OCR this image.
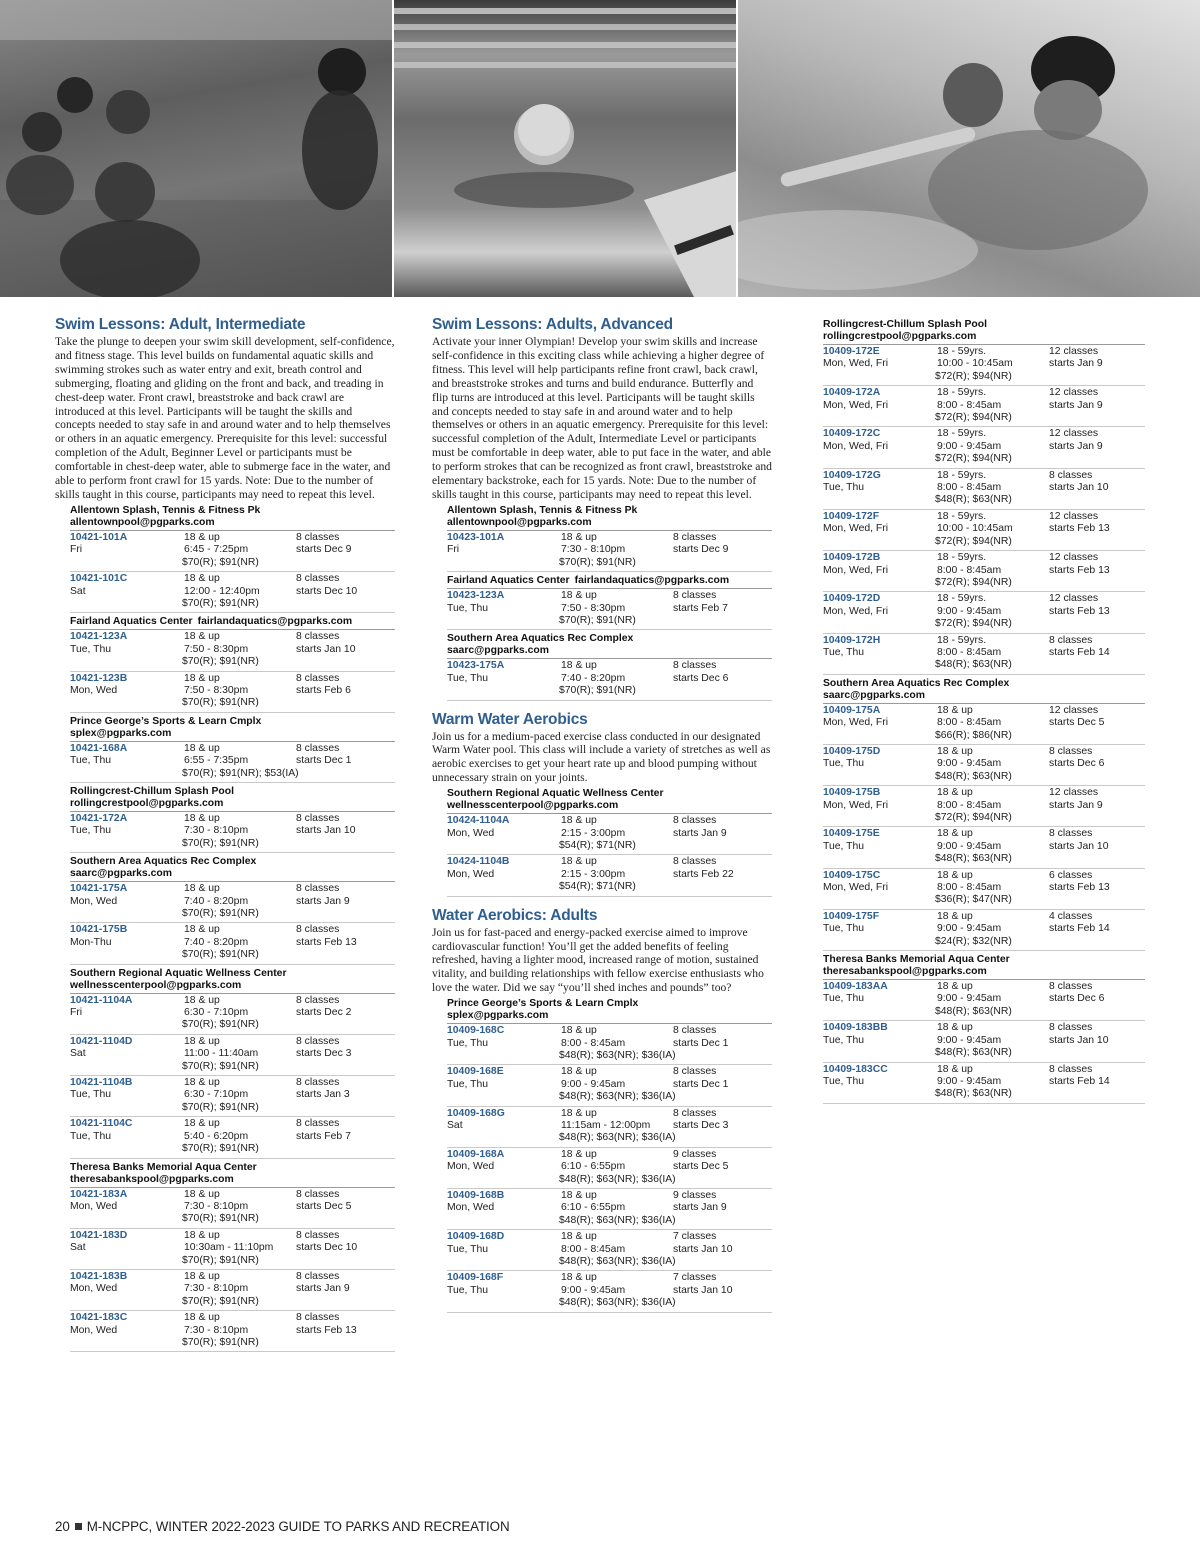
Swim Lessons: Adult, Intermediate
Take the plunge to deepen your swim skill development, self-confidence, and fitness stage. This level builds on fundamental aquatic skills and swimming strokes such as water entry and exit, breath control and submerging, floating and gliding on the front and back, and treading in chest-deep water. Front crawl, breaststroke and back crawl are introduced at this level. Participants will be taught the skills and concepts needed to stay safe in and around water and to help themselves or others in an aquatic emergency. Prerequisite for this level: successful completion of the Adult, Beginner Level or participants must be comfortable in chest-deep water, able to submerge face in the water, and able to perform front crawl for 15 yards. Note: Due to the number of skills taught in this course, participants may need to repeat this level.
Allentown Splash, Tennis & Fitness Pk
allentownpool@pgparks.com
10421-101A	18 & up	8 classes
Fri	6:45 - 7:25pm	starts Dec 9
$70(R); $91(NR)
10421-101C	18 & up	8 classes
Sat	12:00 - 12:40pm	starts Dec 10
$70(R); $91(NR)
Fairland Aquatics Center fairlandaquatics@pgparks.com
10421-123A	18 & up	8 classes
Tue, Thu	7:50 - 8:30pm	starts Jan 10
$70(R); $91(NR)
10421-123B	18 & up	8 classes
Mon, Wed	7:50 - 8:30pm	starts Feb 6
$70(R); $91(NR)
Prince George’s Sports & Learn Cmplx
splex@pgparks.com
10421-168A	18 & up	8 classes
Tue, Thu	6:55 - 7:35pm	starts Dec 1
$70(R); $91(NR); $53(IA)
Rollingcrest-Chillum Splash Pool
rollingcrestpool@pgparks.com
10421-172A	18 & up	8 classes
Tue, Thu	7:30 - 8:10pm	starts Jan 10
$70(R); $91(NR)
Southern Area Aquatics Rec Complex
saarc@pgparks.com
10421-175A	18 & up	8 classes
Mon, Wed	7:40 - 8:20pm	starts Jan 9
$70(R); $91(NR)
10421-175B	18 & up	8 classes
Mon-Thu	7:40 - 8:20pm	starts Feb 13
$70(R); $91(NR)
Southern Regional Aquatic Wellness Center
wellnesscenterpool@pgparks.com
10421-1104A	18 & up	8 classes
Fri	6:30 - 7:10pm	starts Dec 2
$70(R); $91(NR)
10421-1104D	18 & up	8 classes
Sat	11:00 - 11:40am	starts Dec 3
$70(R); $91(NR)
10421-1104B	18 & up	8 classes
Tue, Thu	6:30 - 7:10pm	starts Jan 3
$70(R); $91(NR)
10421-1104C	18 & up	8 classes
Tue, Thu	5:40 - 6:20pm	starts Feb 7
$70(R); $91(NR)
Theresa Banks Memorial Aqua Center
theresabankspool@pgparks.com
10421-183A	18 & up	8 classes
Mon, Wed	7:30 - 8:10pm	starts Dec 5
$70(R); $91(NR)
10421-183D	18 & up	8 classes
Sat	10:30am - 11:10pm	starts Dec 10
$70(R); $91(NR)
10421-183B	18 & up	8 classes
Mon, Wed	7:30 - 8:10pm	starts Jan 9
$70(R); $91(NR)
10421-183C	18 & up	8 classes
Mon, Wed	7:30 - 8:10pm	starts Feb 13
$70(R); $91(NR)
Swim Lessons: Adults, Advanced
Activate your inner Olympian! Develop your swim skills and increase self-confidence in this exciting class while achieving a higher degree of fitness. This level will help participants refine front crawl, back crawl, and breaststroke strokes and turns and build endurance. Butterfly and flip turns are introduced at this level. Participants will be taught skills and concepts needed to stay safe in and around water and to help themselves or others in an aquatic emergency. Prerequisite for this level: successful completion of the Adult, Intermediate Level or participants must be comfortable in deep water, able to put face in the water, and able to perform strokes that can be recognized as front crawl, breaststroke and elementary backstroke, each for 15 yards. Note: Due to the number of skills taught in this course, participants may need to repeat this level.
Allentown Splash, Tennis & Fitness Pk
allentownpool@pgparks.com
10423-101A	18 & up	8 classes
Fri	7:30 - 8:10pm	starts Dec 9
$70(R); $91(NR)
Fairland Aquatics Center fairlandaquatics@pgparks.com
10423-123A	18 & up	8 classes
Tue, Thu	7:50 - 8:30pm	starts Feb 7
$70(R); $91(NR)
Southern Area Aquatics Rec Complex
saarc@pgparks.com
10423-175A	18 & up	8 classes
Tue, Thu	7:40 - 8:20pm	starts Dec 6
$70(R); $91(NR)
Warm Water Aerobics
Join us for a medium-paced exercise class conducted in our designated Warm Water pool. This class will include a variety of stretches as well as aerobic exercises to get your heart rate up and blood pumping without unnecessary strain on your joints.
Southern Regional Aquatic Wellness Center
wellnesscenterpool@pgparks.com
10424-1104A	18 & up	8 classes
Mon, Wed	2:15 - 3:00pm	starts Jan 9
$54(R); $71(NR)
10424-1104B	18 & up	8 classes
Mon, Wed	2:15 - 3:00pm	starts Feb 22
$54(R); $71(NR)
Water Aerobics: Adults
Join us for fast-paced and energy-packed exercise aimed to improve cardiovascular function! You’ll get the added benefits of feeling refreshed, having a lighter mood, increased range of motion, sustained vitality, and building relationships with fellow exercise enthusiasts who love the water. Did we say “you’ll shed inches and pounds” too?
Prince George’s Sports & Learn Cmplx
splex@pgparks.com
10409-168C	18 & up	8 classes
Tue, Thu	8:00 - 8:45am	starts Dec 1
$48(R); $63(NR); $36(IA)
10409-168E	18 & up	8 classes
Tue, Thu	9:00 - 9:45am	starts Dec 1
$48(R); $63(NR); $36(IA)
10409-168G	18 & up	8 classes
Sat	11:15am - 12:00pm	starts Dec 3
$48(R); $63(NR); $36(IA)
10409-168A	18 & up	9 classes
Mon, Wed	6:10 - 6:55pm	starts Dec 5
$48(R); $63(NR); $36(IA)
10409-168B	18 & up	9 classes
Mon, Wed	6:10 - 6:55pm	starts Jan 9
$48(R); $63(NR); $36(IA)
10409-168D	18 & up	7 classes
Tue, Thu	8:00 - 8:45am	starts Jan 10
$48(R); $63(NR); $36(IA)
10409-168F	18 & up	7 classes
Tue, Thu	9:00 - 9:45am	starts Jan 10
$48(R); $63(NR); $36(IA)
Rollingcrest-Chillum Splash Pool
rollingcrestpool@pgparks.com
10409-172E	18 - 59yrs.	12 classes
Mon, Wed, Fri	10:00 - 10:45am	starts Jan 9
$72(R); $94(NR)
10409-172A	18 - 59yrs.	12 classes
Mon, Wed, Fri	8:00 - 8:45am	starts Jan 9
$72(R); $94(NR)
10409-172C	18 - 59yrs.	12 classes
Mon, Wed, Fri	9:00 - 9:45am	starts Jan 9
$72(R); $94(NR)
10409-172G	18 - 59yrs.	8 classes
Tue, Thu	8:00 - 8:45am	starts Jan 10
$48(R); $63(NR)
10409-172F	18 - 59yrs.	12 classes
Mon, Wed, Fri	10:00 - 10:45am	starts Feb 13
$72(R); $94(NR)
10409-172B	18 - 59yrs.	12 classes
Mon, Wed, Fri	8:00 - 8:45am	starts Feb 13
$72(R); $94(NR)
10409-172D	18 - 59yrs.	12 classes
Mon, Wed, Fri	9:00 - 9:45am	starts Feb 13
$72(R); $94(NR)
10409-172H	18 - 59yrs.	8 classes
Tue, Thu	8:00 - 8:45am	starts Feb 14
$48(R); $63(NR)
Southern Area Aquatics Rec Complex
saarc@pgparks.com
10409-175A	18 & up	12 classes
Mon, Wed, Fri	8:00 - 8:45am	starts Dec 5
$66(R); $86(NR)
10409-175D	18 & up	8 classes
Tue, Thu	9:00 - 9:45am	starts Dec 6
$48(R); $63(NR)
10409-175B	18 & up	12 classes
Mon, Wed, Fri	8:00 - 8:45am	starts Jan 9
$72(R); $94(NR)
10409-175E	18 & up	8 classes
Tue, Thu	9:00 - 9:45am	starts Jan 10
$48(R); $63(NR)
10409-175C	18 & up	6 classes
Mon, Wed, Fri	8:00 - 8:45am	starts Feb 13
$36(R); $47(NR)
10409-175F	18 & up	4 classes
Tue, Thu	9:00 - 9:45am	starts Feb 14
$24(R); $32(NR)
Theresa Banks Memorial Aqua Center
theresabankspool@pgparks.com
10409-183AA	18 & up	8 classes
Tue, Thu	9:00 - 9:45am	starts Dec 6
$48(R); $63(NR)
10409-183BB	18 & up	8 classes
Tue, Thu	9:00 - 9:45am	starts Jan 10
$48(R); $63(NR)
10409-183CC	18 & up	8 classes
Tue, Thu	9:00 - 9:45am	starts Feb 14
$48(R); $63(NR)
20 M-NCPPC, WINTER 2022-2023 GUIDE TO PARKS AND RECREATION
